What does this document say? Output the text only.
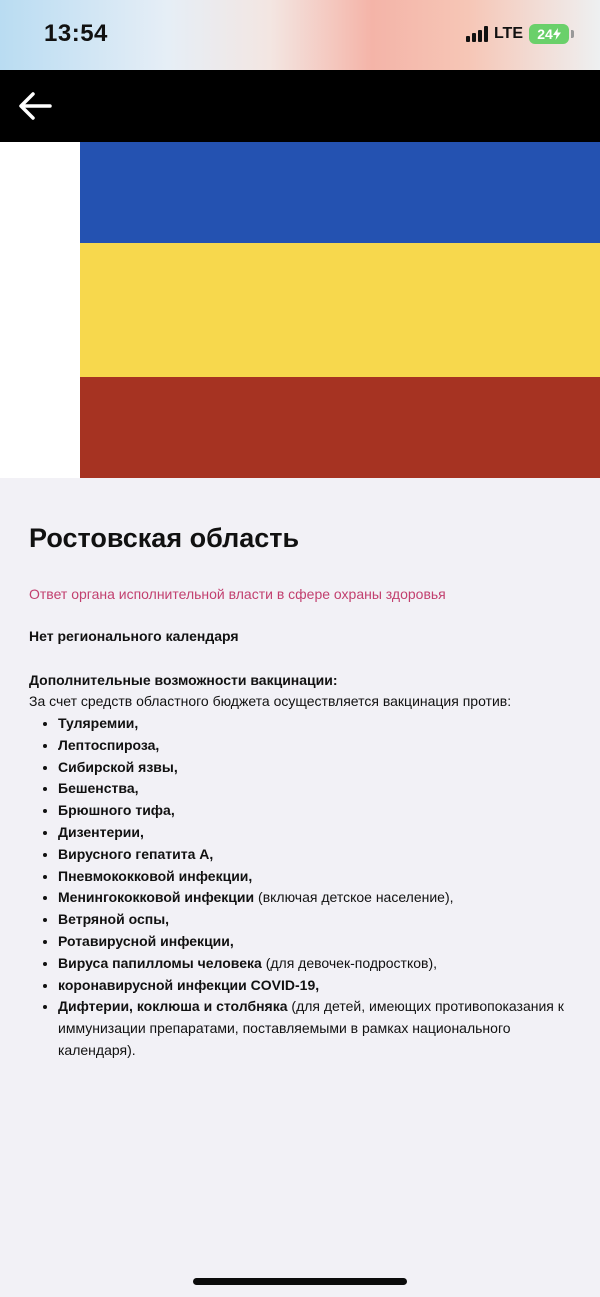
13:54	LTE 24
Ростовская область
Ответ органа исполнительной власти в сфере охраны здоровья
Нет регионального календаря
Дополнительные возможности вакцинации:
За счет средств областного бюджета осуществляется вакцинация против:
• Туляремии,
• Лептоспироза,
• Сибирской язвы,
• Бешенства,
• Брюшного тифа,
• Дизентерии,
• Вирусного гепатита А,
• Пневмококковой инфекции,
• Менингококковой инфекции (включая детское население),
• Ветряной оспы,
• Ротавирусной инфекции,
• Вируса папилломы человека (для девочек-подростков),
• коронавирусной инфекции COVID-19,
• Дифтерии, коклюша и столбняка (для детей, имеющих противопоказания к иммунизации препаратами, поставляемыми в рамках национального календаря).
